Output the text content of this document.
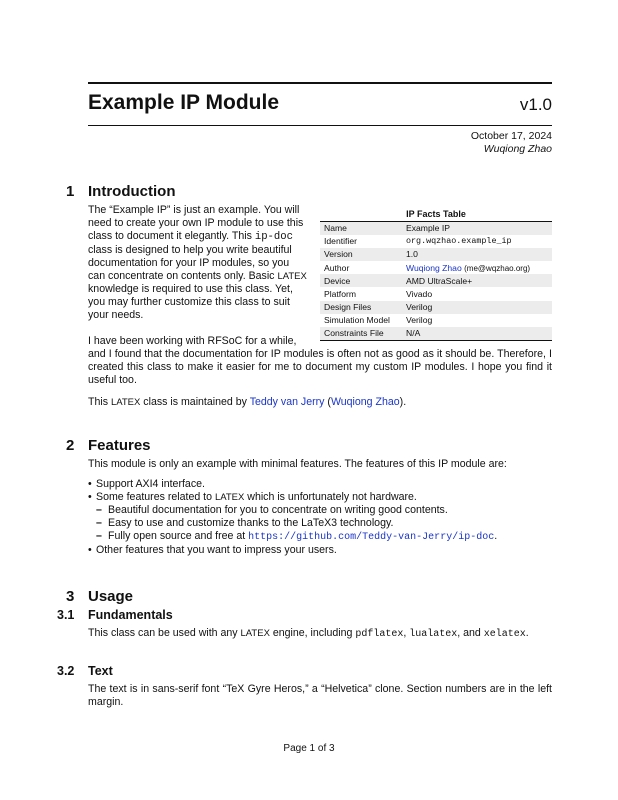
Example IP Module	v1.0
October 17, 2024
Wuqiong Zhao
1 Introduction
The “Example IP” is just an example. You will
need to create your own IP module to use this
class to document it elegantly. This ip-doc
class is designed to help you write beautiful
documentation for your IP modules, so you
can concentrate on contents only. Basic LATEX
knowledge is required to use this class. Yet,
you may further customize this class to suit
your needs.
I have been working with RFSoC for a while,

and I found that the documentation for IP modules is often not as good as it should be. Therefore, I created this class to make it easier for me to document my custom IP modules. I hope you find it useful too.

This LATEX class is maintained by Teddy van Jerry (Wuqiong Zhao).
IP Facts Table
Name	Example IP
Identifier	org.wqzhao.example_ip
Version	1.0
Author	Wuqiong Zhao (me@wqzhao.org)
Device	AMD UltraScale+
Platform	Vivado
Design Files	Verilog
Simulation Model	Verilog
Constraints File	N/A
2 Features
This module is only an example with minimal features. The features of this IP module are:
• Support AXI4 interface.
• Some features related to LATEX which is unfortunately not hardware.
– Beautiful documentation for you to concentrate on writing good contents.
– Easy to use and customize thanks to the LaTeX3 technology.
– Fully open source and free at https://github.com/Teddy-van-Jerry/ip-doc.
• Other features that you want to impress your users.
3 Usage
3.1 Fundamentals
This class can be used with any LATEX engine, including pdflatex, lualatex, and xelatex.
3.2 Text

The text is in sans-serif font “TeX Gyre Heros,” a “Helvetica” clone. Section numbers are in the left margin.

Page 1 of 3
